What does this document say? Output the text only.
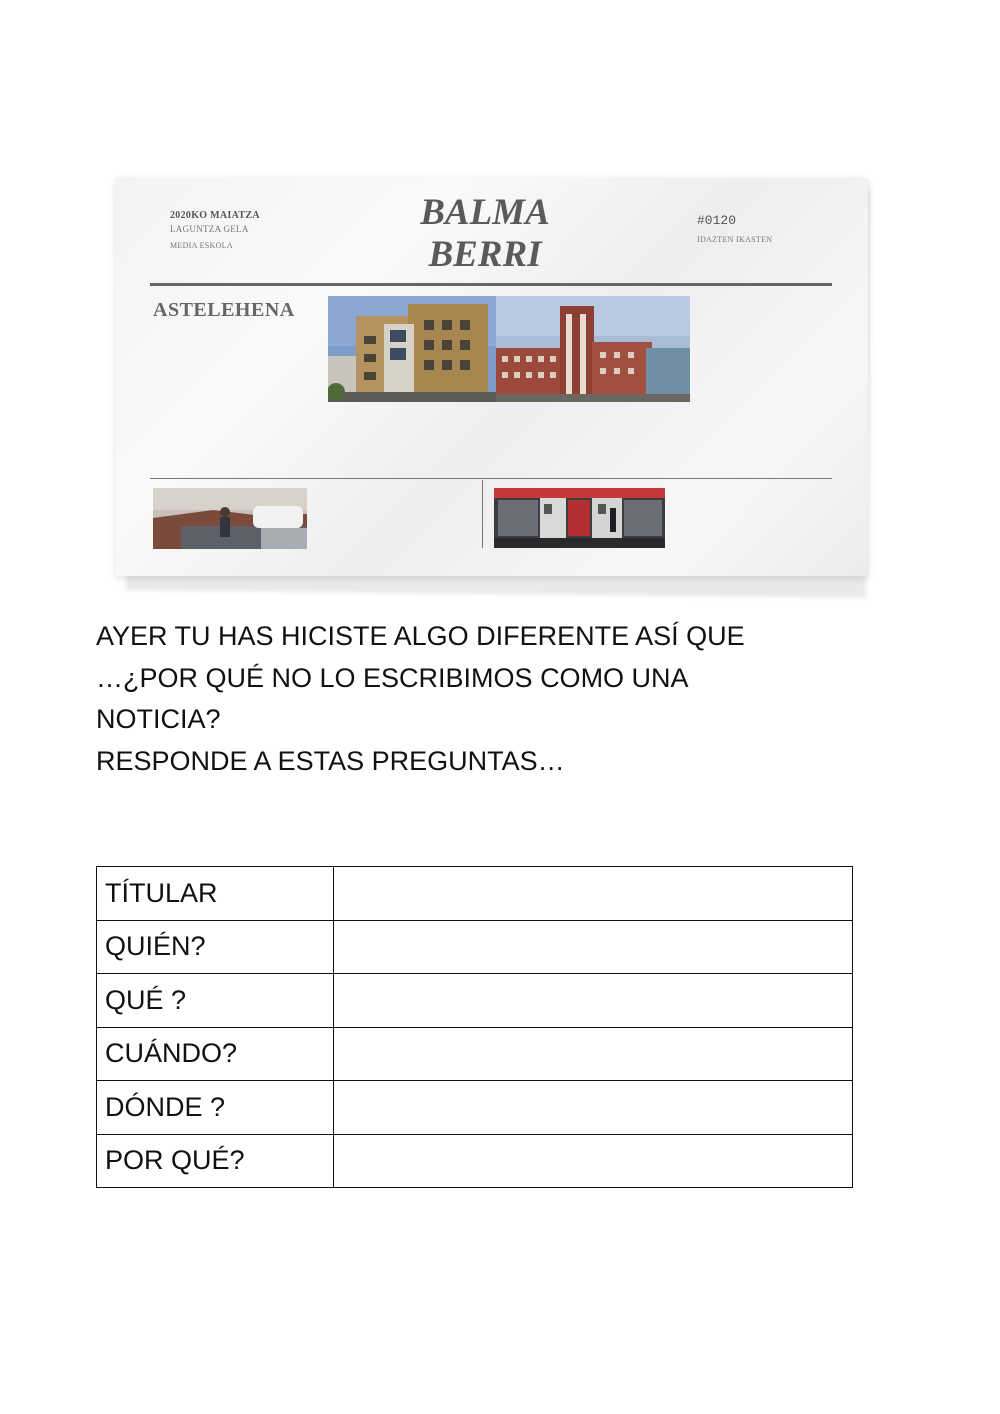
2020KO MAIATZA
LAGUNTZA GELA
MEDIA ESKOLA
BALMA
BERRI
#0120
IDAZTEN IKASTEN
ASTELEHENA

AYER TU HAS HICISTE ALGO DIFERENTE ASÍ QUE

…¿POR QUÉ NO LO ESCRIBIMOS COMO UNA

NOTICIA?

RESPONDE A ESTAS PREGUNTAS…

TÍTULAR	
QUIÉN?	
QUÉ ?	
CUÁNDO?	
DÓNDE ?	
POR QUÉ?	
